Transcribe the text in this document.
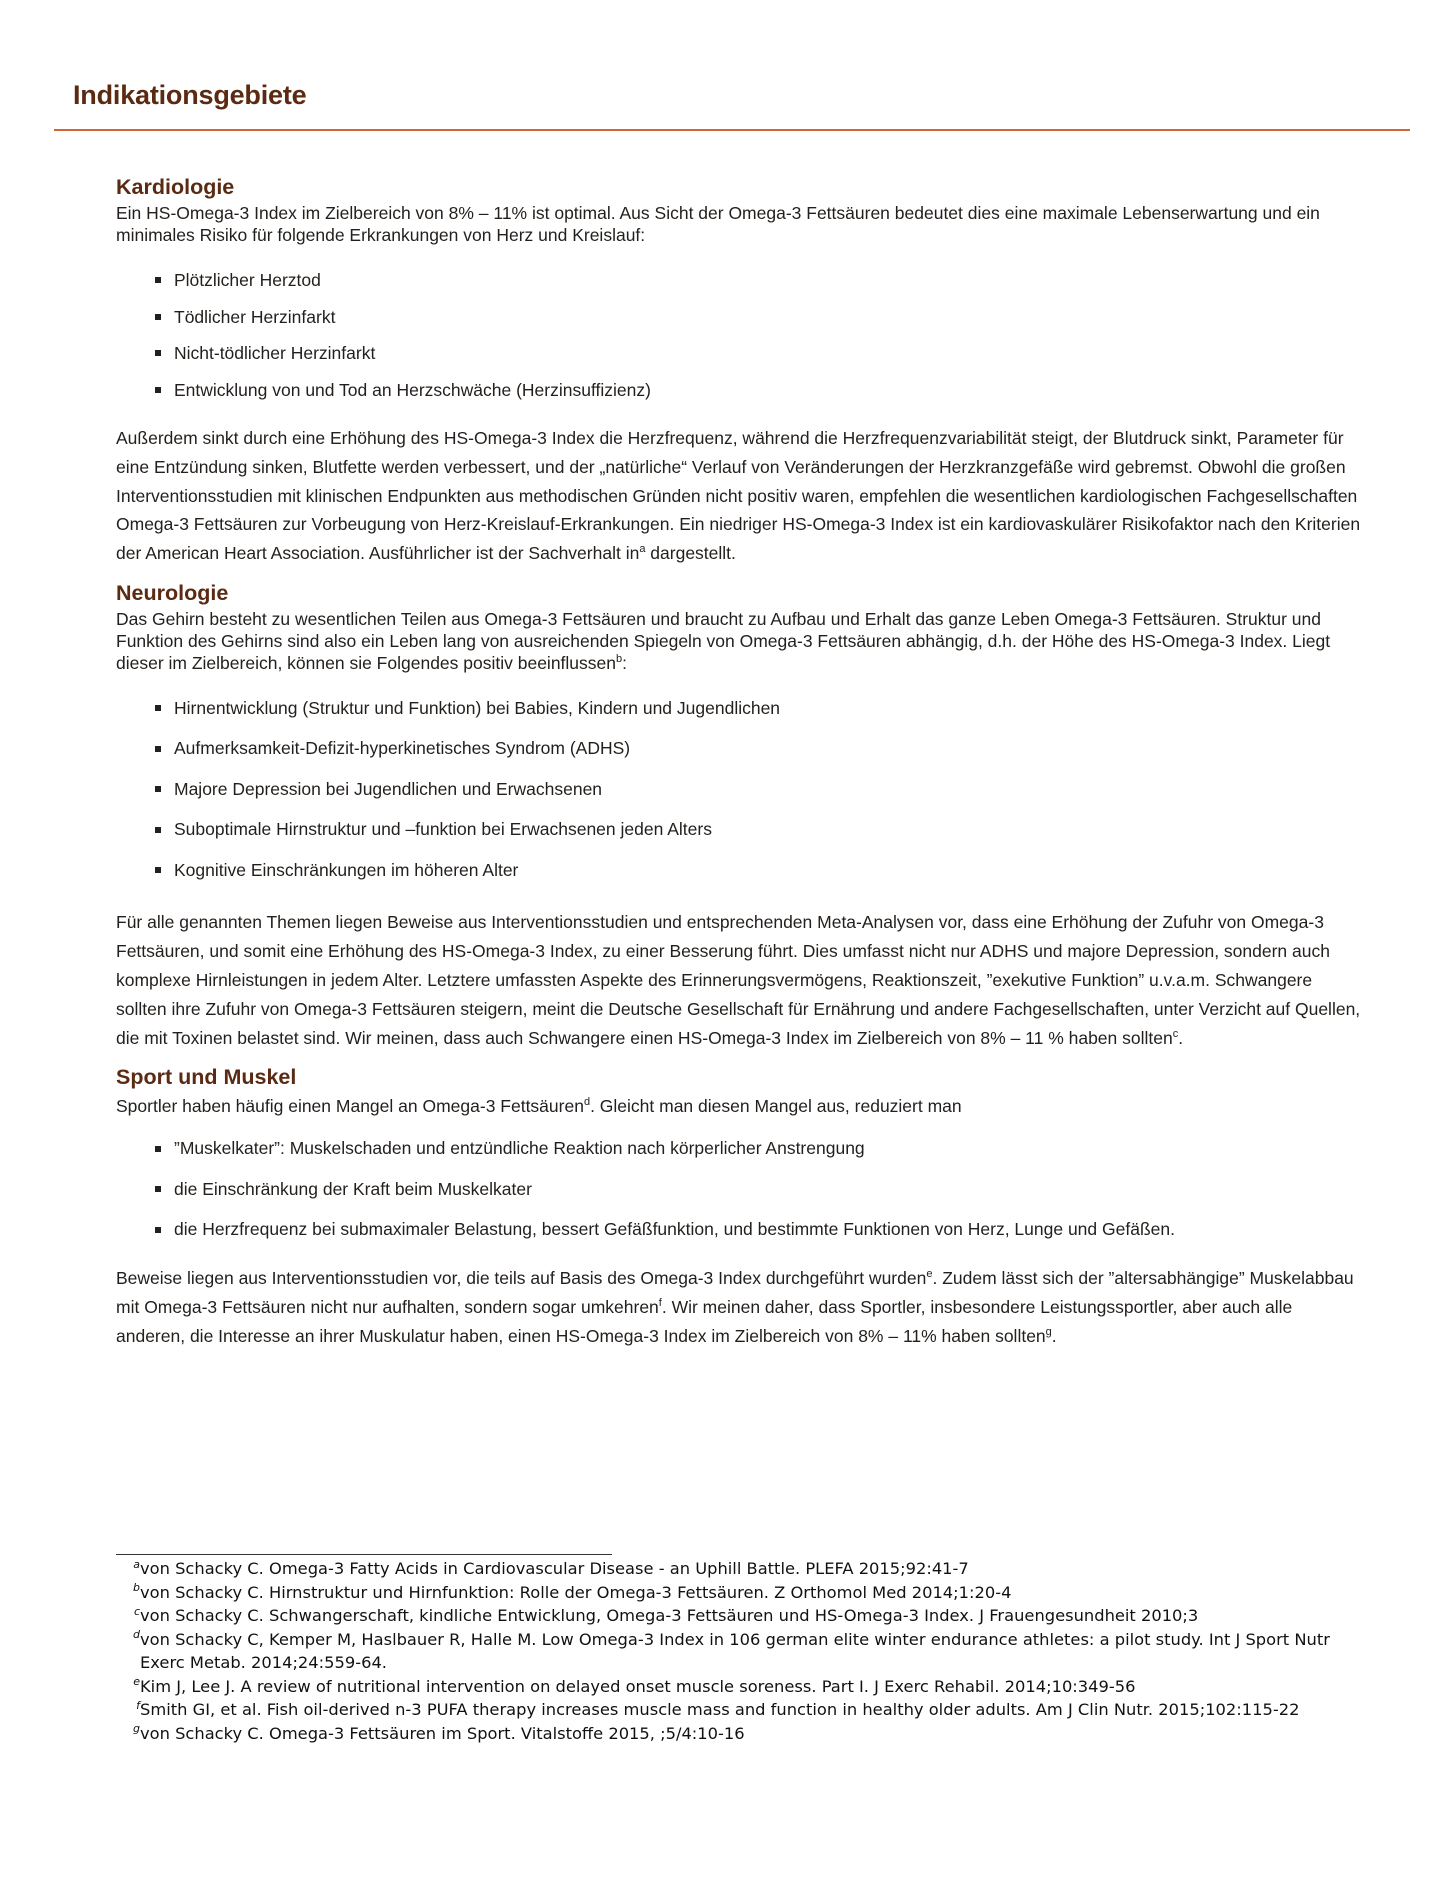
Indikationsgebiete
Kardiologie

Ein HS-Omega-3 Index im Zielbereich von 8% – 11% ist optimal. Aus Sicht der Omega-3 Fettsäuren bedeutet dies eine maximale Lebenserwartung und ein minimales Risiko für folgende Erkrankungen von Herz und Kreislauf:

Plötzlicher Herztod
Tödlicher Herzinfarkt
Nicht-tödlicher Herzinfarkt
Entwicklung von und Tod an Herzschwäche (Herzinsuffizienz)

Außerdem sinkt durch eine Erhöhung des HS-Omega-3 Index die Herzfrequenz, während die Herzfrequenzvariabilität steigt, der Blutdruck sinkt, Parameter für eine Entzündung sinken, Blutfette werden verbessert, und der „natürliche“ Verlauf von Veränderungen der Herzkranzgefäße wird gebremst. Obwohl die großen Interventionsstudien mit klinischen Endpunkten aus methodischen Gründen nicht positiv waren, empfehlen die wesentlichen kardiologischen Fachgesellschaften Omega-3 Fettsäuren zur Vorbeugung von Herz-Kreislauf-Erkrankungen. Ein niedriger HS-Omega-3 Index ist ein kardiovaskulärer Risikofaktor nach den Kriterien der American Heart Association. Ausführlicher ist der Sachverhalt in$^a$ dargestellt.

Neurologie

Das Gehirn besteht zu wesentlichen Teilen aus Omega-3 Fettsäuren und braucht zu Aufbau und Erhalt das ganze Leben Omega-3 Fettsäuren. Struktur und Funktion des Gehirns sind also ein Leben lang von ausreichenden Spiegeln von Omega-3 Fettsäuren abhängig, d.h. der Höhe des HS-Omega-3 Index. Liegt dieser im Zielbereich, können sie Folgendes positiv beeinflussen$^b$:

Hirnentwicklung (Struktur und Funktion) bei Babies, Kindern und Jugendlichen
Aufmerksamkeit-Defizit-hyperkinetisches Syndrom (ADHS)
Majore Depression bei Jugendlichen und Erwachsenen
Suboptimale Hirnstruktur und –funktion bei Erwachsenen jeden Alters
Kognitive Einschränkungen im höheren Alter

Für alle genannten Themen liegen Beweise aus Interventionsstudien und entsprechenden Meta-Analysen vor, dass eine Erhöhung der Zufuhr von Omega-3 Fettsäuren, und somit eine Erhöhung des HS-Omega-3 Index, zu einer Besserung führt. Dies umfasst nicht nur ADHS und majore Depression, sondern auch komplexe Hirnleistungen in jedem Alter. Letztere umfassten Aspekte des Erinnerungsvermögens, Reaktionszeit, ”exekutive Funktion” u.v.a.m. Schwangere sollten ihre Zufuhr von Omega-3 Fettsäuren steigern, meint die Deutsche Gesellschaft für Ernährung und andere Fachgesellschaften, unter Verzicht auf Quellen, die mit Toxinen belastet sind. Wir meinen, dass auch Schwangere einen HS-Omega-3 Index im Zielbereich von 8% – 11 % haben sollten$^c$.

Sport und Muskel

Sportler haben häufig einen Mangel an Omega-3 Fettsäuren$^d$. Gleicht man diesen Mangel aus, reduziert man

”Muskelkater”: Muskelschaden und entzündliche Reaktion nach körperlicher Anstrengung
die Einschränkung der Kraft beim Muskelkater
die Herzfrequenz bei submaximaler Belastung, bessert Gefäßfunktion, und bestimmte Funktionen von Herz, Lunge und Gefäßen.

Beweise liegen aus Interventionsstudien vor, die teils auf Basis des Omega-3 Index durchgeführt wurden$^e$. Zudem lässt sich der ”altersabhängige” Muskelabbau mit Omega-3 Fettsäuren nicht nur aufhalten, sondern sogar umkehren$^f$. Wir meinen daher, dass Sportler, insbesondere Leistungssportler, aber auch alle anderen, die Interesse an ihrer Muskulatur haben, einen HS-Omega-3 Index im Zielbereich von 8% – 11% haben sollten$^g$.

avon Schacky C. Omega-3 Fatty Acids in Cardiovascular Disease - an Uphill Battle. PLEFA 2015;92:41-7

bvon Schacky C. Hirnstruktur und Hirnfunktion: Rolle der Omega-3 Fettsäuren. Z Orthomol Med 2014;1:20-4

cvon Schacky C. Schwangerschaft, kindliche Entwicklung, Omega-3 Fettsäuren und HS-Omega-3 Index. J Frauengesundheit 2010;3

dvon Schacky C, Kemper M, Haslbauer R, Halle M. Low Omega-3 Index in 106 german elite winter endurance athletes: a pilot study. Int J Sport Nutr Exerc Metab. 2014;24:559-64.

eKim J, Lee J. A review of nutritional intervention on delayed onset muscle soreness. Part I. J Exerc Rehabil. 2014;10:349-56

fSmith GI, et al. Fish oil-derived n-3 PUFA therapy increases muscle mass and function in healthy older adults. Am J Clin Nutr. 2015;102:115-22

gvon Schacky C. Omega-3 Fettsäuren im Sport. Vitalstoffe 2015, ;5/4:10-16
